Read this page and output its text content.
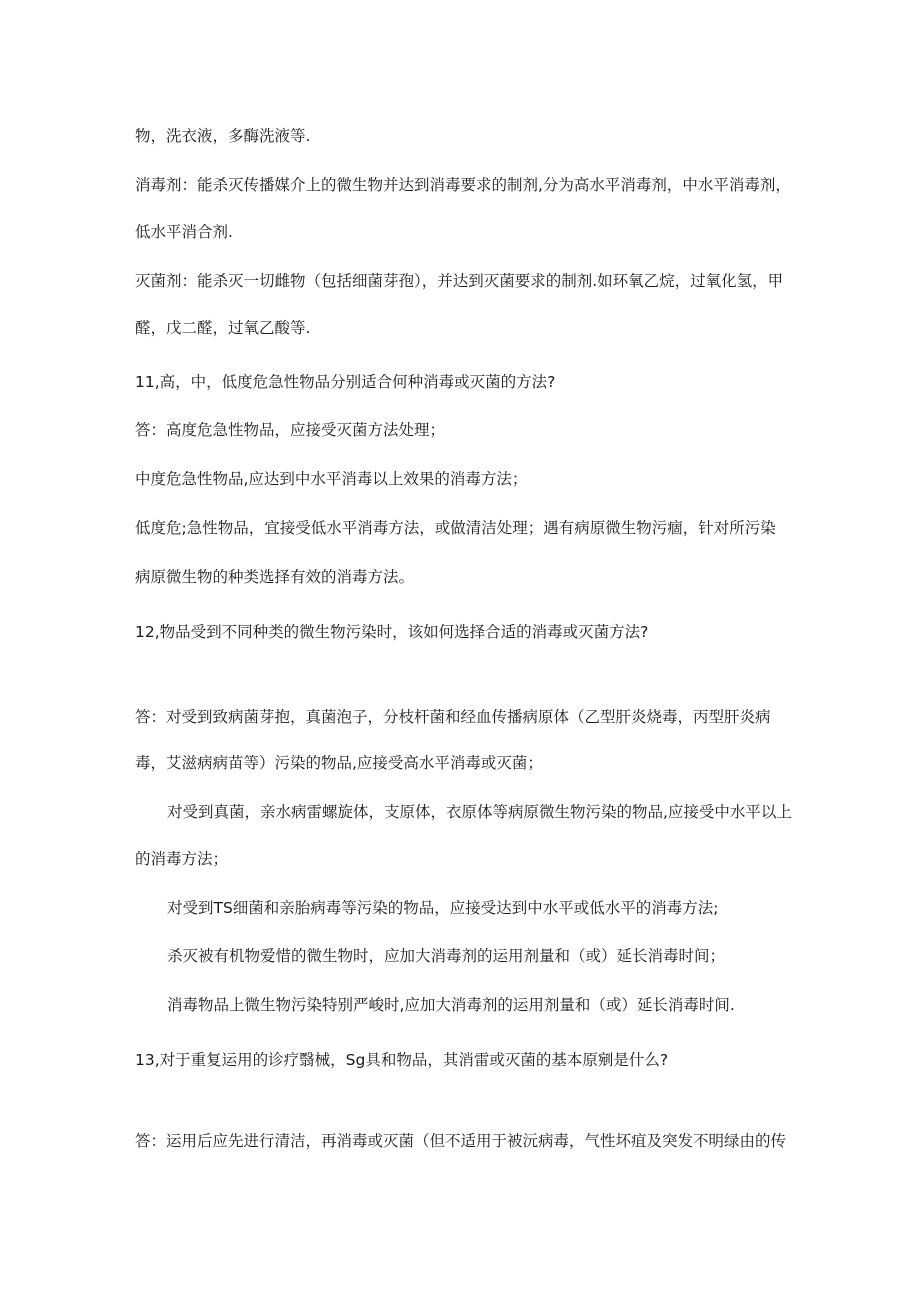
物，洗衣液，多酶洗液等.
消毒剂：能杀灭传播媒介上的微生物并达到消毒要求的制剂,分为高水平消毒剂，中水平消毒剂，
低水平消合剂.
灭菌剂：能杀灭一切雌物（包括细菌芽孢），并达到灭菌要求的制剂.如环氧乙烷，过氧化氢，甲
醛，戊二醛，过氧乙酸等.
11,高，中，低度危急性物品分别适合何种消毒或灭菌的方法?
答：高度危急性物品，应接受灭菌方法处理；
中度危急性物品,应达到中水平消毒以上效果的消毒方法；
低度危;急性物品，宜接受低水平消毒方法，或做清洁处理；遇有病原微生物污痼，针对所污染
病原微生物的种类选择有效的消毒方法。
12,物品受到不同种类的微生物污染时，该如何选择合适的消毒或灭菌方法?
答：对受到致病菌芽抱，真菌泡子，分枝杆菌和经血传播病原体（乙型肝炎烧毒，丙型肝炎病
毒，艾滋病病苗等）污染的物品,应接受高水平消毒或灭菌；
对受到真菌，亲水病雷螺旋体，支原体，衣原体等病原微生物污染的物品,应接受中水平以上
的消毒方法；
对受到TS细菌和亲胎病毒等污染的物品，应接受达到中水平或低水平的消毒方法;
杀灭被有机物爱惜的微生物时，应加大消毒剂的运用剂量和（或）延长消毒时间；
消毒物品上微生物污染特别严峻时,应加大消毒剂的运用剂量和（或）延长消毒时间.
13,对于重复运用的诊疗翳械，Sg具和物品，其消雷或灭菌的基本原剜是什么?
答：运用后应先进行清洁，再消毒或灭菌（但不适用于被沅病毒，气性坏疽及突发不明绿由的传
